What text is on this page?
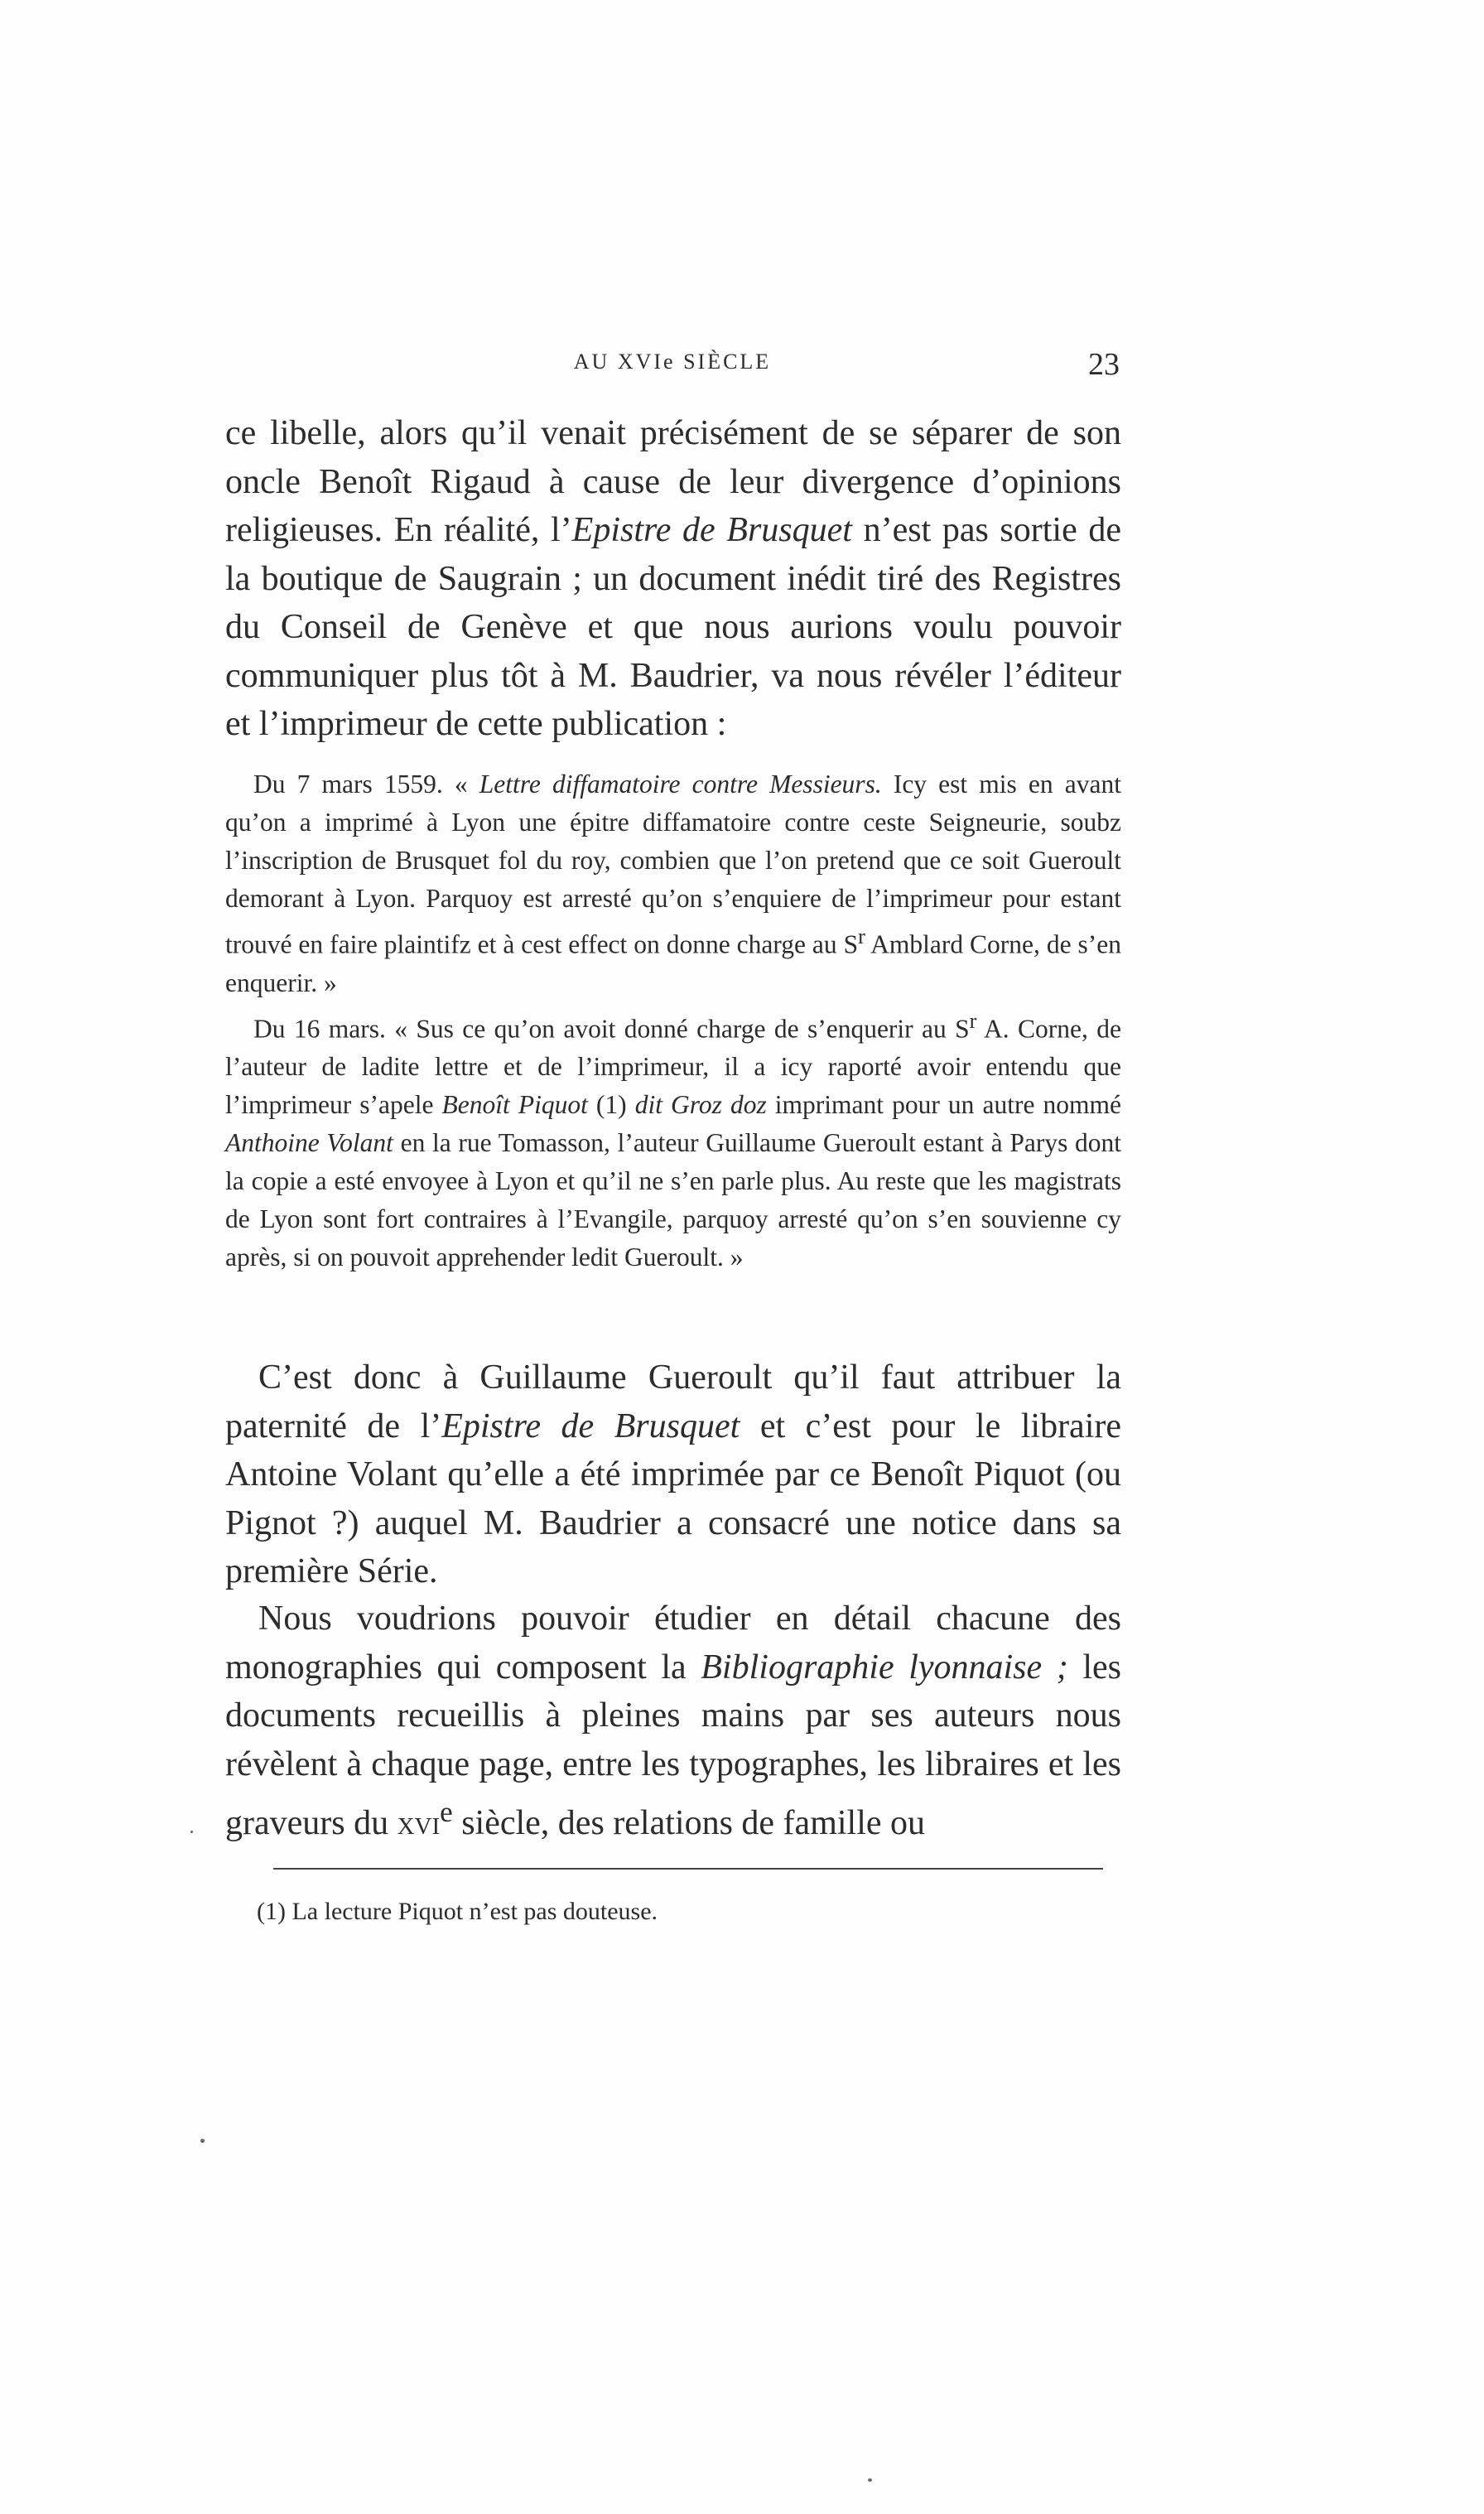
AU XVIe SIÈCLE	23

ce libelle, alors qu’il venait précisément de se séparer de son oncle Benoît Rigaud à cause de leur divergence d’opinions religieuses. En réalité, l’Epistre de Brusquet n’est pas sortie de la boutique de Saugrain ; un document inédit tiré des Registres du Conseil de Genève et que nous aurions voulu pouvoir communiquer plus tôt à M. Baudrier, va nous révéler l’éditeur et l’imprimeur de cette publication :

Du 7 mars 1559. « Lettre diffamatoire contre Messieurs. Icy est mis en avant qu’on a imprimé à Lyon une épitre diffamatoire contre ceste Seigneurie, soubz l’inscription de Brusquet fol du roy, combien que l’on pretend que ce soit Gueroult demorant à Lyon. Parquoy est arresté qu’on s’enquiere de l’imprimeur pour estant trouvé en faire plaintifz et à cest effect on donne charge au $S^r$ Amblard Corne, de s’en enquerir. »

Du 16 mars. « Sus ce qu’on avoit donné charge de s’enquerir au $S^r$ A. Corne, de l’auteur de ladite lettre et de l’imprimeur, il a icy raporté avoir entendu que l’imprimeur s’apele Benoît Piquot (1) dit Groz doz imprimant pour un autre nommé Anthoine Volant en la rue Tomasson, l’auteur Guillaume Gueroult estant à Parys dont la copie a esté envoyee à Lyon et qu’il ne s’en parle plus. Au reste que les magistrats de Lyon sont fort contraires à l’Evangile, parquoy arresté qu’on s’en souvienne cy après, si on pouvoit apprehender ledit Gueroult. »

C’est donc à Guillaume Gueroult qu’il faut attribuer la paternité de l’Epistre de Brusquet et c’est pour le libraire Antoine Volant qu’elle a été imprimée par ce Benoît Piquot (ou Pignot ?) auquel M. Baudrier a consacré une notice dans sa première Série.

Nous voudrions pouvoir étudier en détail chacune des monographies qui composent la Bibliographie lyonnaise ; les documents recueillis à pleines mains par ses auteurs nous révèlent à chaque page, entre les typographes, les libraires et les graveurs du xvi$^e$ siècle, des relations de famille ou

(1) La lecture Piquot n’est pas douteuse.
